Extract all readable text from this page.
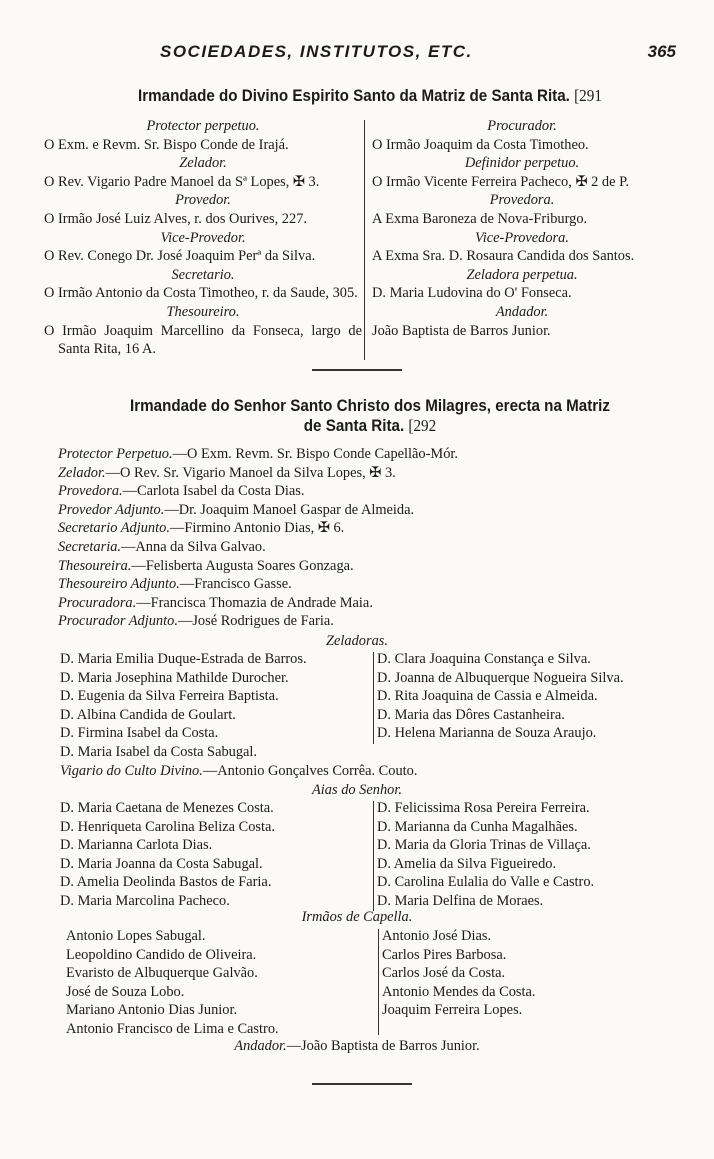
SOCIEDADES, INSTITUTOS, ETC.	365
Irmandade do Divino Espirito Santo da Matriz de Santa Rita. [291
Protector perpetuo.
O Exm. e Revm. Sr. Bispo Conde de Irajá.
Zelador.
O Rev. Vigario Padre Manoel da Sª Lopes, ✠ 3.
Provedor.
O Irmão José Luiz Alves, r. dos Ourives, 227.
Vice-Provedor.
O Rev. Conego Dr. José Joaquim Perª da Silva.
Secretario.
O Irmão Antonio da Costa Timotheo, r. da Saude, 305.
Thesoureiro.
O Irmão Joaquim Marcellino da Fonseca, largo de Santa Rita, 16 A.
Procurador.
O Irmão Joaquim da Costa Timotheo.
Definidor perpetuo.
O Irmão Vicente Ferreira Pacheco, ✠ 2 de P.
Provedora.
A Exma Baroneza de Nova-Friburgo.
Vice-Provedora.
A Exma Sra. D. Rosaura Candida dos Santos.
Zeladora perpetua.
D. Maria Ludovina do O' Fonseca.
Andador.
João Baptista de Barros Junior.
Irmandade do Senhor Santo Christo dos Milagres, erecta na Matriz
de Santa Rita. [292
Protector Perpetuo.—O Exm. Revm. Sr. Bispo Conde Capellão-Mór.
Zelador.—O Rev. Sr. Vigario Manoel da Silva Lopes, ✠ 3.
Provedora.—Carlota Isabel da Costa Dias.
Provedor Adjunto.—Dr. Joaquim Manoel Gaspar de Almeida.
Secretario Adjunto.—Firmino Antonio Dias, ✠ 6.
Secretaria.—Anna da Silva Galvao.
Thesoureira.—Felisberta Augusta Soares Gonzaga.
Thesoureiro Adjunto.—Francisco Gasse.
Procuradora.—Francisca Thomazia de Andrade Maia.
Procurador Adjunto.—José Rodrigues de Faria.
Zeladoras.
D. Maria Emilia Duque-Estrada de Barros.
D. Maria Josephina Mathilde Durocher.
D. Eugenia da Silva Ferreira Baptista.
D. Albina Candida de Goulart.
D. Firmina Isabel da Costa.
D. Maria Isabel da Costa Sabugal.
D. Clara Joaquina Constança e Silva.
D. Joanna de Albuquerque Nogueira Silva.
D. Rita Joaquina de Cassia e Almeida.
D. Maria das Dôres Castanheira.
D. Helena Marianna de Souza Araujo.
Vigario do Culto Divino.—Antonio Gonçalves Corrêa. Couto.
Aias do Senhor.
D. Maria Caetana de Menezes Costa.
D. Henriqueta Carolina Beliza Costa.
D. Marianna Carlota Dias.
D. Maria Joanna da Costa Sabugal.
D. Amelia Deolinda Bastos de Faria.
D. Maria Marcolina Pacheco.
D. Felicissima Rosa Pereira Ferreira.
D. Marianna da Cunha Magalhães.
D. Maria da Gloria Trinas de Villaça.
D. Amelia da Silva Figueiredo.
D. Carolina Eulalia do Valle e Castro.
D. Maria Delfina de Moraes.
Irmãos de Capella.
Antonio Lopes Sabugal.
Leopoldino Candido de Oliveira.
Evaristo de Albuquerque Galvão.
José de Souza Lobo.
Mariano Antonio Dias Junior.
Antonio Francisco de Lima e Castro.
Antonio José Dias.
Carlos Pires Barbosa.
Carlos José da Costa.
Antonio Mendes da Costa.
Joaquim Ferreira Lopes.
Andador.—João Baptista de Barros Junior.
